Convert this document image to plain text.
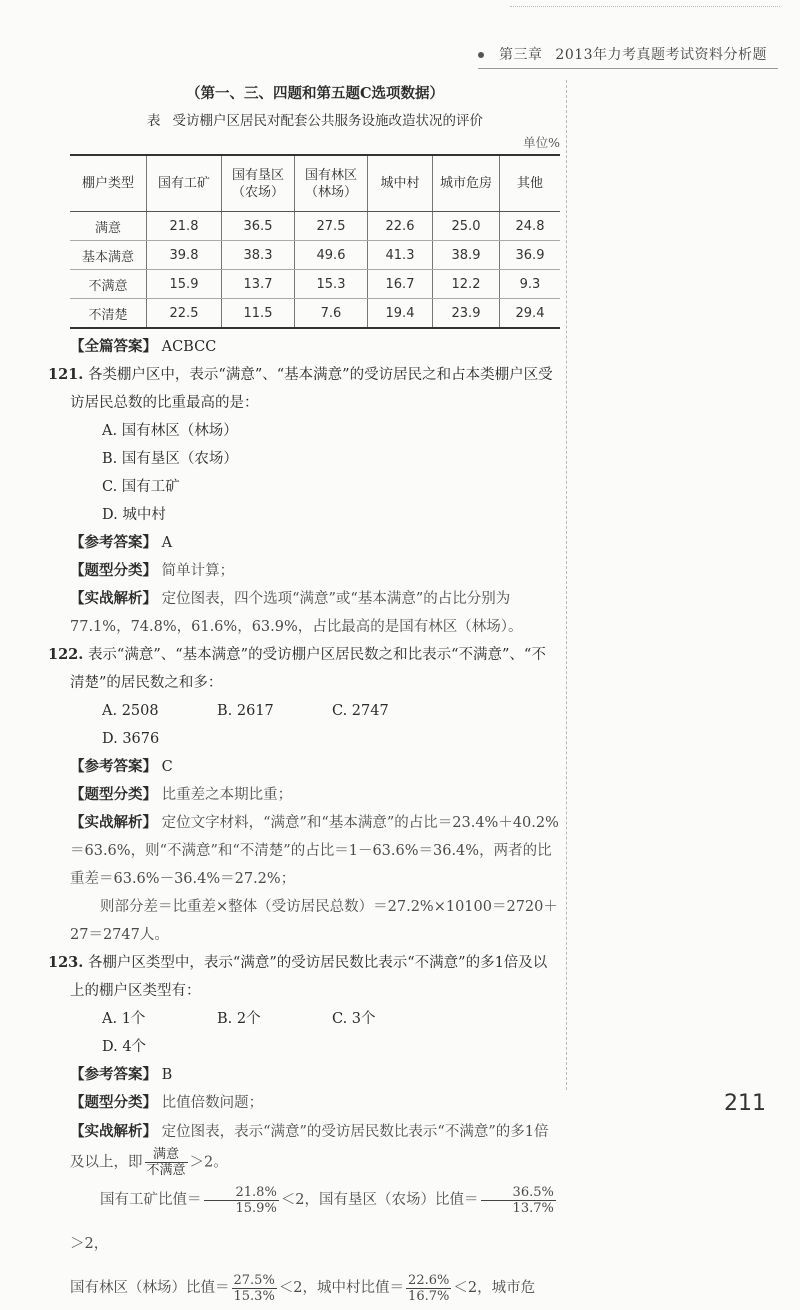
第三章 2013年力考真题考试资料分析题

（第一、三、四题和第五题C选项数据）

表 受访棚户区居民对配套公共服务设施改造状况的评价

单位%

棚户类型	国有工矿	国有垦区（农场）	国有林区（林场）	城中村	城市危房	其他
满意	21.8	36.5	27.5	22.6	25.0	24.8
基本满意	39.8	38.3	49.6	41.3	38.9	36.9
不满意	15.9	13.7	15.3	16.7	12.2	9.3
不清楚	22.5	11.5	7.6	19.4	23.9	29.4

【全篇答案】 ACBCC

121. 各类棚户区中，表示“满意”、“基本满意”的受访居民之和占本类棚户区受访居民总数的比重最高的是：

A. 国有林区（林场）
B. 国有垦区（农场）
C. 国有工矿
D. 城中村

【参考答案】 A

【题型分类】 简单计算；

【实战解析】 定位图表，四个选项“满意”或“基本满意”的占比分别为77.1%，74.8%，61.6%，63.9%，占比最高的是国有林区（林场）。

122. 表示“满意”、“基本满意”的受访棚户区居民数之和比表示“不满意”、“不清楚”的居民数之和多：

A. 2508	B. 2617	C. 2747
D. 3676

【参考答案】 C

【题型分类】 比重差之本期比重；

【实战解析】 定位文字材料，“满意”和“基本满意”的占比＝23.4%＋40.2%＝63.6%，则“不满意”和“不清楚”的占比＝1－63.6%＝36.4%，两者的比重差＝63.6%－36.4%＝27.2%；

则部分差＝比重差×整体（受访居民总数）＝27.2%×10100＝2720＋27＝2747人。

123. 各棚户区类型中，表示“满意”的受访居民数比表示“不满意”的多1倍及以上的棚户区类型有：

A. 1个	B. 2个	C. 3个
D. 4个

【参考答案】 B

【题型分类】 比值倍数问题；

【实战解析】 定位图表，表示“满意”的受访居民数比表示“不满意”的多1倍及以上，即 $\frac{\text{满意}}{\text{不满意}} >2$。

国有工矿比值＝ $\frac{21.8\%}{15.9\%} <2$，国有垦区（农场）比值＝ $\frac{36.5\%}{13.7\%}$
＞2，

国有林区（林场）比值＝ $\frac{27.5\%}{15.3\%} <2$，城中村比值＝ $\frac{22.6\%}{16.7\%} <2$，城市危

211
